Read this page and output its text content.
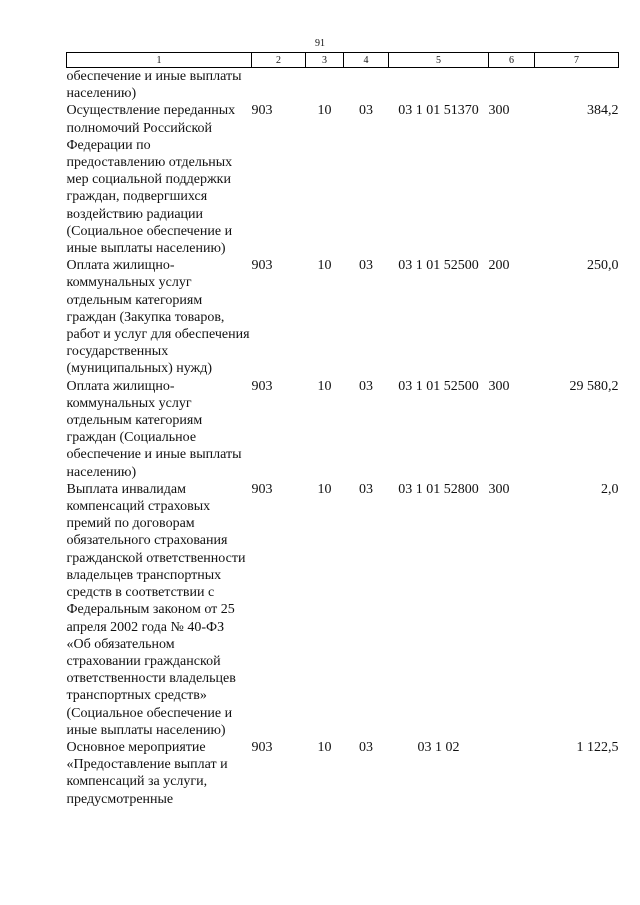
91
1	2	3	4	5	6	7
обеспечение и иные выплаты населению)						
Осуществление переданных полномочий Российской Федерации по предоставлению отдельных мер социальной поддержки граждан, подвергшихся воздействию радиации (Социальное обеспечение и иные выплаты населению)	903	10	03	03 1 01 51370	300	384,2
Оплата жилищно-коммунальных услуг отдельным категориям граждан (Закупка товаров, работ и услуг для обеспечения государственных (муниципальных) нужд)	903	10	03	03 1 01 52500	200	250,0
Оплата жилищно-коммунальных услуг отдельным категориям граждан (Социальное обеспечение и иные выплаты населению)	903	10	03	03 1 01 52500	300	29 580,2
Выплата инвалидам компенсаций страховых премий по договорам обязательного страхования гражданской ответственности владельцев транспортных средств в соответствии с Федеральным законом от 25 апреля 2002 года № 40-ФЗ «Об обязательном страховании гражданской ответственности владельцев транспортных средств» (Социальное обеспечение и иные выплаты населению)	903	10	03	03 1 01 52800	300	2,0
Основное мероприятие «Предоставление выплат и компенсаций за услуги, предусмотренные	903	10	03	03 1 02		1 122,5
